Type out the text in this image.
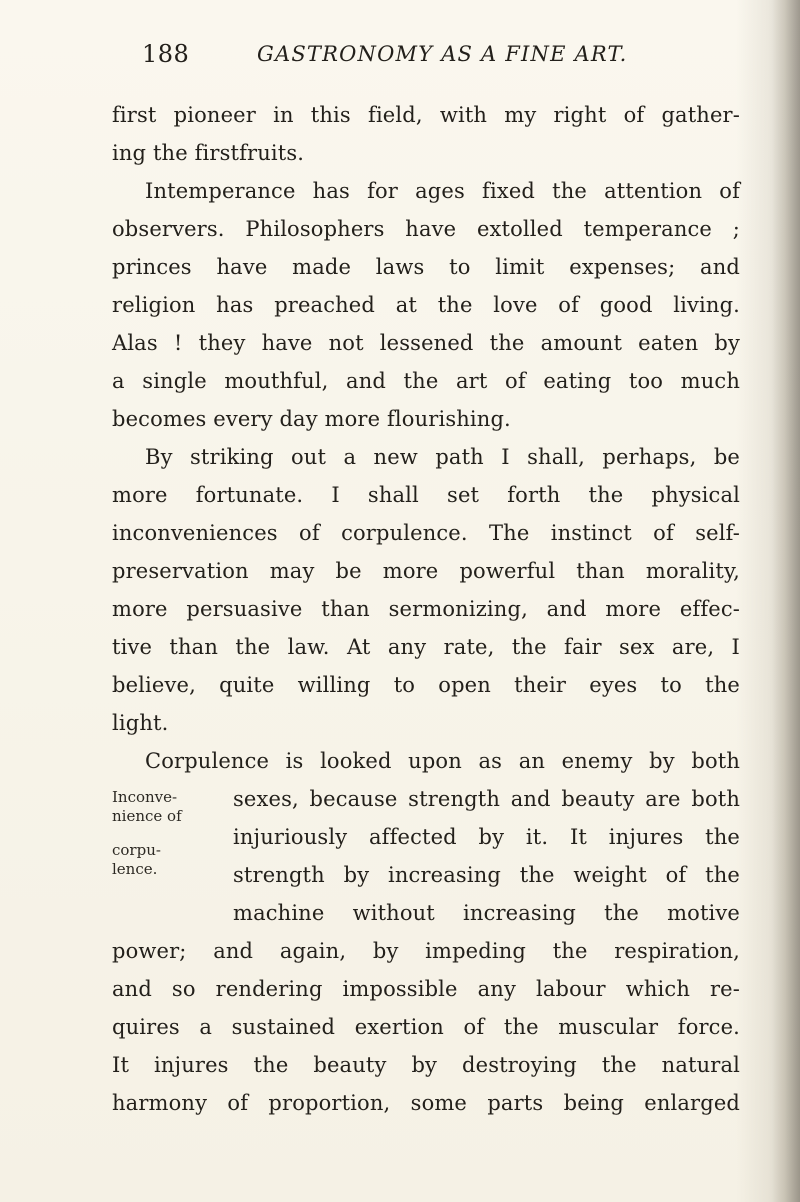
188	GASTRONOMY AS A FINE ART.
Inconve-
nience of
corpu-
lence.
first pioneer in this field, with my right of gather-
ing the firstfruits.
Intemperance has for ages fixed the attention of
observers. Philosophers have extolled temperance ;
princes have made laws to limit expenses; and
religion has preached at the love of good living.
Alas ! they have not lessened the amount eaten by
a single mouthful, and the art of eating too much
becomes every day more flourishing.
By striking out a new path I shall, perhaps, be
more fortunate. I shall set forth the physical
inconveniences of corpulence. The instinct of self-
preservation may be more powerful than morality,
more persuasive than sermonizing, and more effec-
tive than the law. At any rate, the fair sex are, I
believe, quite willing to open their eyes to the
light.
Corpulence is looked upon as an enemy by both
sexes, because strength and beauty are both
injuriously affected by it. It injures the
strength by increasing the weight of the
machine without increasing the motive
power; and again, by impeding the respiration,
and so rendering impossible any labour which re-
quires a sustained exertion of the muscular force.
It injures the beauty by destroying the natural
harmony of proportion, some parts being enlarged
